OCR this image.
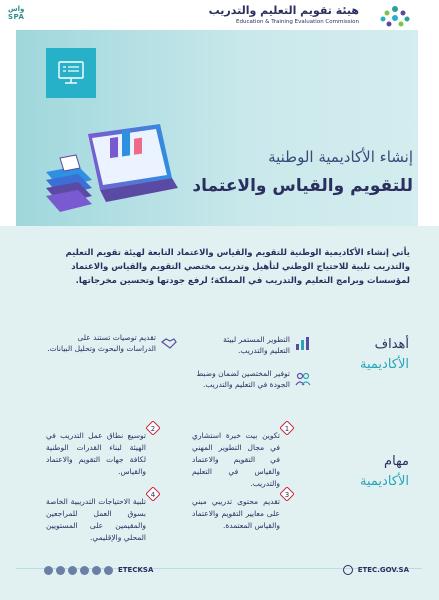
واس
SPA	هيئة تقويم التعليم والتدريب
Education & Training Evaluation Commission
إنشاء الأكاديمية الوطنية
للتقويم والقياس والاعتماد

يأتي إنشاء الأكاديمية الوطنية للتقويم والقياس والاعتماد التابعة لهيئة تقويم التعليم والتدريب تلبية للاحتياج الوطني لتأهيل وتدريب مختصي التقويم والقياس والاعتماد لمؤسسات وبرامج التعليم والتدريب في المملكة؛ لرفع جودتها وتحسين مخرجاتها.

أهداف
الأكاديمية
التطوير المستمر لبيئة التعليم والتدريب.
تقديم توصيات تستند على الدراسات والبحوث وتحليل البيانات.
توفير المختصين لضمان وضبط الجودة في التعليم والتدريب.
مهام
الأكاديمية
1
تكوين بيت خبرة استشاري في مجال التطوير المهني في التقويم والاعتماد والقياس في التعليم والتدريب.
2
توسيع نطاق عمل التدريب في الهيئة لبناء القدرات الوطنية لكافة جهات التقويم والاعتماد والقياس.
3
تقديم محتوى تدريبي مبني على معايير التقويم والاعتماد والقياس المعتمدة.
4
تلبية الاحتياجات التدريبية الخاصة بسوق العمل للمراجعين والمقيمين على المستويين المحلي والإقليمي.
ETECKSA	ETEC.GOV.SA
